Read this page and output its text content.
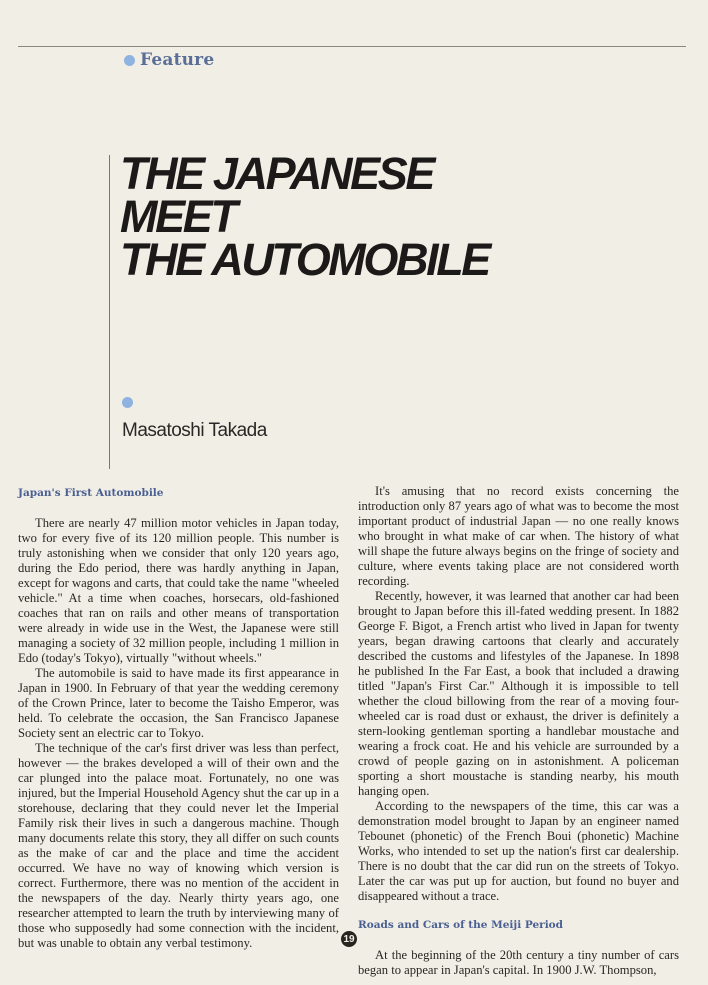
Feature
THE JAPANESE
MEET
THE AUTOMOBILE
Masatoshi Takada
Japan's First Automobile

There are nearly 47 million motor vehicles in Japan today, two for every five of its 120 million people. This number is truly astonishing when we consider that only 120 years ago, during the Edo period, there was hardly anything in Japan, except for wagons and carts, that could take the name "wheeled vehicle." At a time when coaches, horsecars, old-fashioned coaches that ran on rails and other means of transportation were already in wide use in the West, the Japanese were still managing a society of 32 million people, including 1 million in Edo (today's Tokyo), virtually "without wheels."

The automobile is said to have made its first appearance in Japan in 1900. In February of that year the wedding ceremony of the Crown Prince, later to become the Taisho Emperor, was held. To celebrate the occasion, the San Francisco Japanese Society sent an electric car to Tokyo.

The technique of the car's first driver was less than perfect, however — the brakes developed a will of their own and the car plunged into the palace moat. Fortunately, no one was injured, but the Imperial Household Agency shut the car up in a storehouse, declaring that they could never let the Imperial Family risk their lives in such a dangerous machine. Though many documents relate this story, they all differ on such counts as the make of car and the place and time the accident occurred. We have no way of knowing which version is correct. Furthermore, there was no mention of the accident in the newspapers of the day. Nearly thirty years ago, one researcher attempted to learn the truth by interviewing many of those who supposedly had some connection with the incident, but was unable to obtain any verbal testimony.

It's amusing that no record exists concerning the introduction only 87 years ago of what was to become the most important product of industrial Japan — no one really knows who brought in what make of car when. The history of what will shape the future always begins on the fringe of society and culture, where events taking place are not considered worth recording.

Recently, however, it was learned that another car had been brought to Japan before this ill-fated wedding present. In 1882 George F. Bigot, a French artist who lived in Japan for twenty years, began drawing cartoons that clearly and accurately described the customs and lifestyles of the Japanese. In 1898 he published In the Far East, a book that included a drawing titled "Japan's First Car." Although it is impossible to tell whether the cloud billowing from the rear of a moving four-wheeled car is road dust or exhaust, the driver is definitely a stern-looking gentleman sporting a handlebar moustache and wearing a frock coat. He and his vehicle are surrounded by a crowd of people gazing on in astonishment. A policeman sporting a short moustache is standing nearby, his mouth hanging open.

According to the newspapers of the time, this car was a demonstration model brought to Japan by an engineer named Tebounet (phonetic) of the French Boui (phonetic) Machine Works, who intended to set up the nation's first car dealership. There is no doubt that the car did run on the streets of Tokyo. Later the car was put up for auction, but found no buyer and disappeared without a trace.

Roads and Cars of the Meiji Period

At the beginning of the 20th century a tiny number of cars began to appear in Japan's capital. In 1900 J.W. Thompson,

19
